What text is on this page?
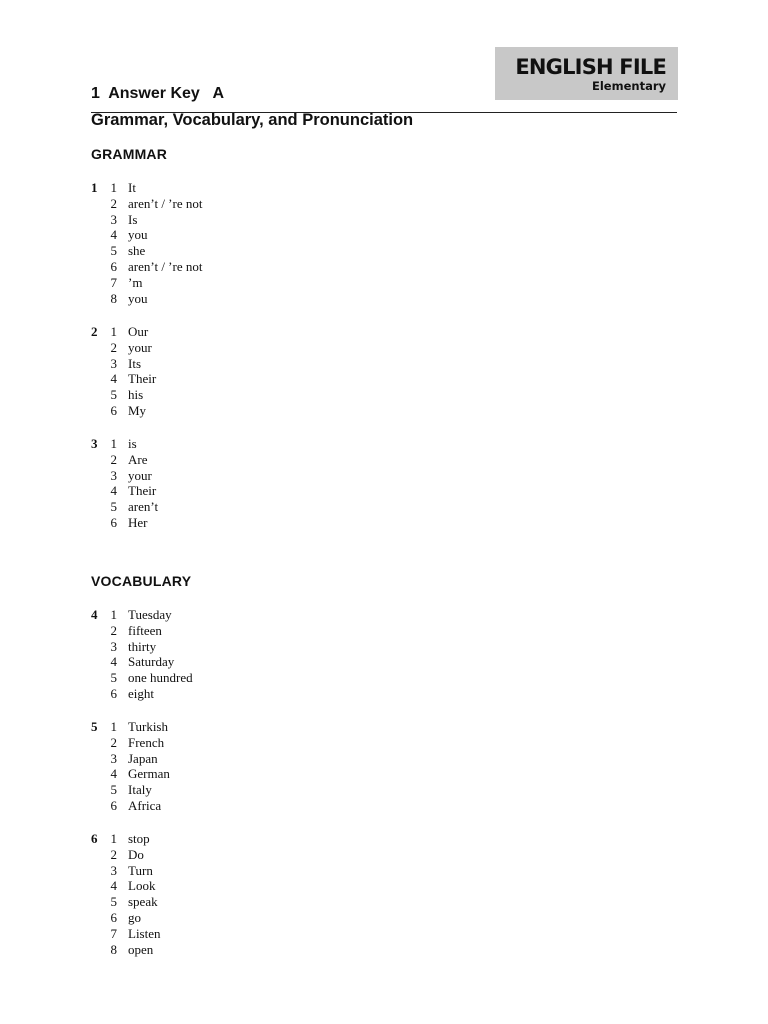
ENGLISH FILE
Elementary
1  Answer Key   A
Grammar, Vocabulary, and Pronunciation
GRAMMAR
1	1 It
2 aren’t / ’re not
3 Is
4 you
5 she
6 aren’t / ’re not
7 ’m
8 you
2	1 Our
2 your
3 Its
4 Their
5 his
6 My
3	1 is
2 Are
3 your
4 Their
5 aren’t
6 Her
VOCABULARY
4	1 Tuesday
2 fifteen
3 thirty
4 Saturday
5 one hundred
6 eight
5	1 Turkish
2 French
3 Japan
4 German
5 Italy
6 Africa
6	1 stop
2 Do
3 Turn
4 Look
5 speak
6 go
7 Listen
8 open
